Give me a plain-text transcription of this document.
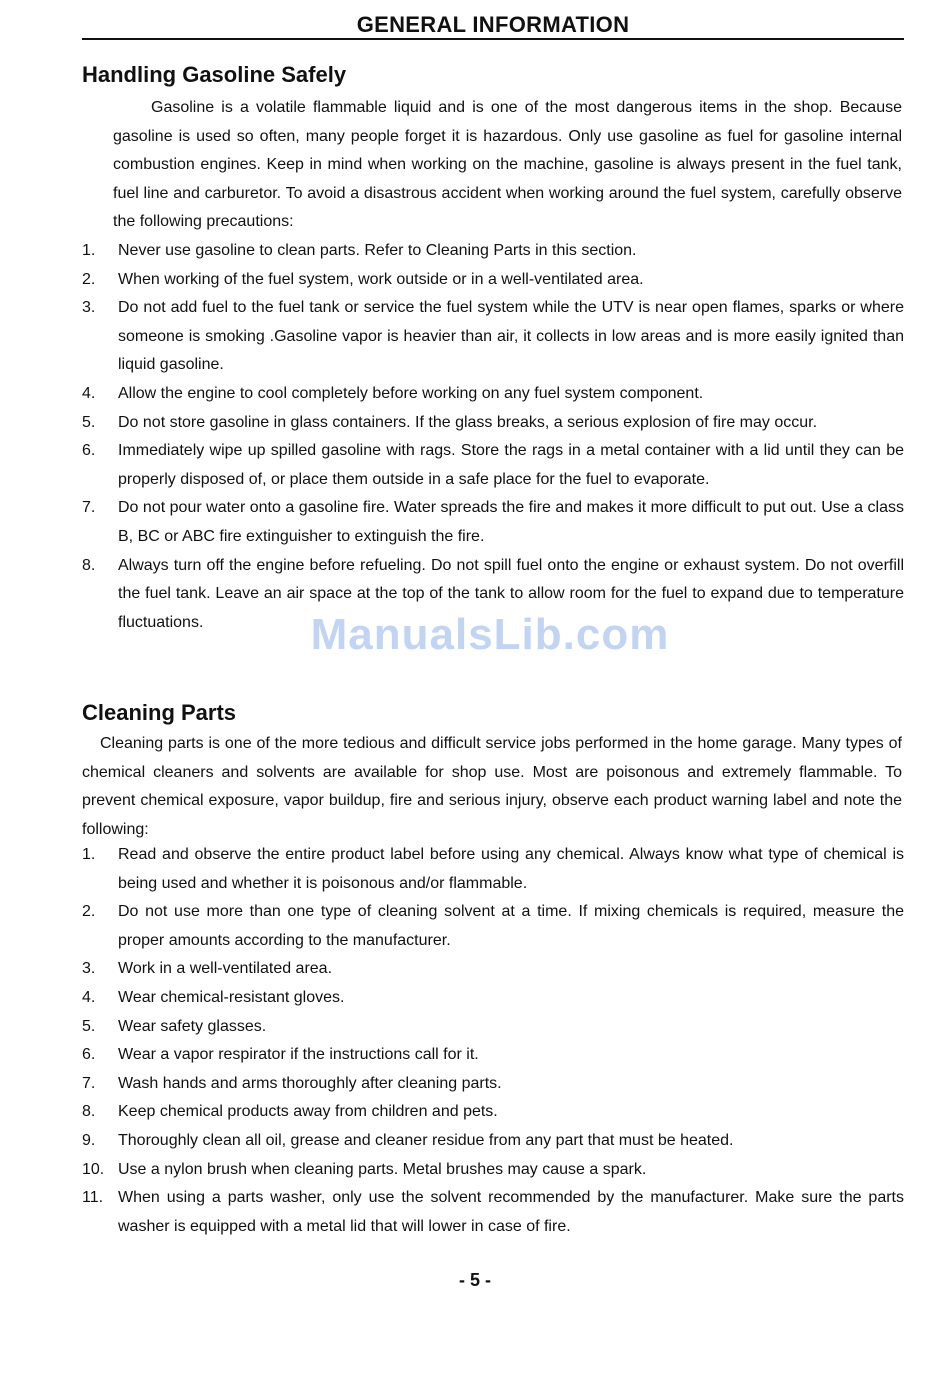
GENERAL INFORMATION
Handling Gasoline Safely
Gasoline is a volatile flammable liquid and is one of the most dangerous items in the shop. Because gasoline is used so often, many people forget it is hazardous. Only use gasoline as fuel for gasoline internal combustion engines. Keep in mind when working on the machine, gasoline is always present in the fuel tank, fuel line and carburetor. To avoid a disastrous accident when working around the fuel system, carefully observe the following precautions:
1. Never use gasoline to clean parts. Refer to Cleaning Parts in this section.
2. When working of the fuel system, work outside or in a well-ventilated area.
3. Do not add fuel to the fuel tank or service the fuel system while the UTV is near open flames, sparks or where someone is smoking .Gasoline vapor is heavier than air, it collects in low areas and is more easily ignited than liquid gasoline.
4. Allow the engine to cool completely before working on any fuel system component.
5. Do not store gasoline in glass containers. If the glass breaks, a serious explosion of fire may occur.
6. Immediately wipe up spilled gasoline with rags. Store the rags in a metal container with a lid until they can be properly disposed of, or place them outside in a safe place for the fuel to evaporate.
7. Do not pour water onto a gasoline fire. Water spreads the fire and makes it more difficult to put out. Use a class B, BC or ABC fire extinguisher to extinguish the fire.
8. Always turn off the engine before refueling. Do not spill fuel onto the engine or exhaust system. Do not overfill the fuel tank. Leave an air space at the top of the tank to allow room for the fuel to expand due to temperature fluctuations.
Cleaning Parts
Cleaning parts is one of the more tedious and difficult service jobs performed in the home garage. Many types of chemical cleaners and solvents are available for shop use. Most are poisonous and extremely flammable. To prevent chemical exposure, vapor buildup, fire and serious injury, observe each product warning label and note the following:
1. Read and observe the entire product label before using any chemical. Always know what type of chemical is being used and whether it is poisonous and/or flammable.
2. Do not use more than one type of cleaning solvent at a time. If mixing chemicals is required, measure the proper amounts according to the manufacturer.
3. Work in a well-ventilated area.
4. Wear chemical-resistant gloves.
5. Wear safety glasses.
6. Wear a vapor respirator if the instructions call for it.
7. Wash hands and arms thoroughly after cleaning parts.
8. Keep chemical products away from children and pets.
9. Thoroughly clean all oil, grease and cleaner residue from any part that must be heated.
10. Use a nylon brush when cleaning parts. Metal brushes may cause a spark.
11. When using a parts washer, only use the solvent recommended by the manufacturer. Make sure the parts washer is equipped with a metal lid that will lower in case of fire.
ManualsLib.com
- 5 -
